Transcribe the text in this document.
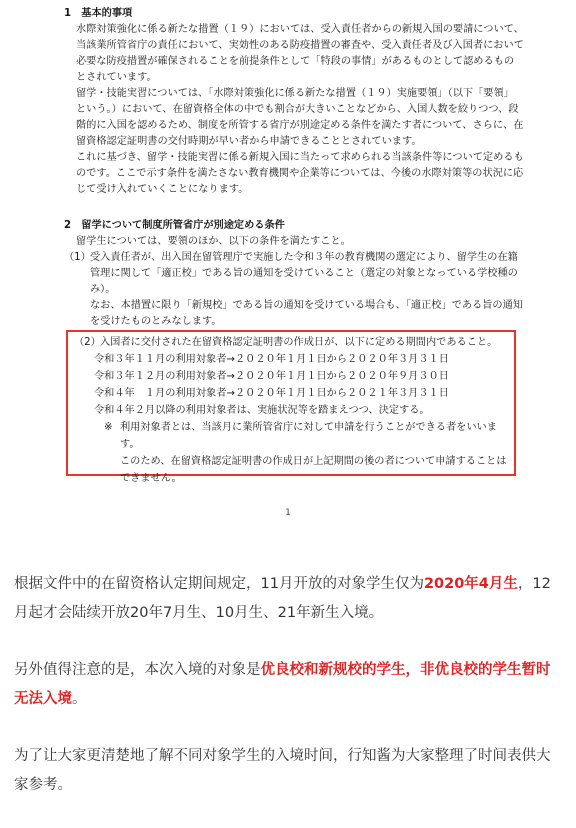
1　基本的事項

水際対策強化に係る新たな措置（１９）においては、受入責任者からの新規入国の要請について、当該業所管省庁の責任において、実効性のある防疫措置の審査や、受入責任者及び入国者において必要な防疫措置が確保されることを前提条件として「特段の事情」があるものとして認めるものとされています。

留学・技能実習については、「水際対策強化に係る新たな措置（１９）実施要領」（以下「要領」という。）において、在留資格全体の中でも割合が大きいことなどから、入国人数を絞りつつ、段階的に入国を認めるため、制度を所管する省庁が別途定める条件を満たす者について、さらに、在留資格認定証明書の交付時期が早い者から申請できることとされています。

これに基づき、留学・技能実習に係る新規入国に当たって求められる当該条件等について定めるものです。ここで示す条件を満たさない教育機関や企業等については、今後の水際対策等の状況に応じて受け入れていくことになります。

2　留学について制度所管省庁が別途定める条件

留学生については、要領のほか、以下の条件を満たすこと。

（1） 受入責任者が、出入国在留管理庁で実施した令和３年の教育機関の選定により、留学生の在籍管理に関して「適正校」である旨の通知を受けていること（選定の対象となっている学校種のみ）。

なお、本措置に限り「新規校」である旨の通知を受けている場合も、「適正校」である旨の通知を受けたものとみなします。

（2） 入国者に交付された在留資格認定証明書の作成日が、以下に定める期間内であること。
令和３年１１月の利用対象者→２０２０年１月１日から２０２０年３月３１日
令和３年１２月の利用対象者→２０２０年１月１日から２０２０年９月３０日
令和４年　１月の利用対象者→２０２０年１月１日から２０２１年３月３１日
令和４年２月以降の利用対象者は、実施状況等を踏まえつつ、決定する。
※ 利用対象者とは、当該月に業所管省庁に対して申請を行うことができる者をいいます。
このため、在留資格認定証明書の作成日が上記期間の後の者について申請することはできません。
1

根据文件中的在留资格认定期间规定，11月开放的对象学生仅为2020年4月生，12月起才会陆续开放20年7月生、10月生、21年新生入境。

另外值得注意的是，本次入境的对象是优良校和新规校的学生，非优良校的学生暂时无法入境。

为了让大家更清楚地了解不同对象学生的入境时间，行知酱为大家整理了时间表供大家参考。
